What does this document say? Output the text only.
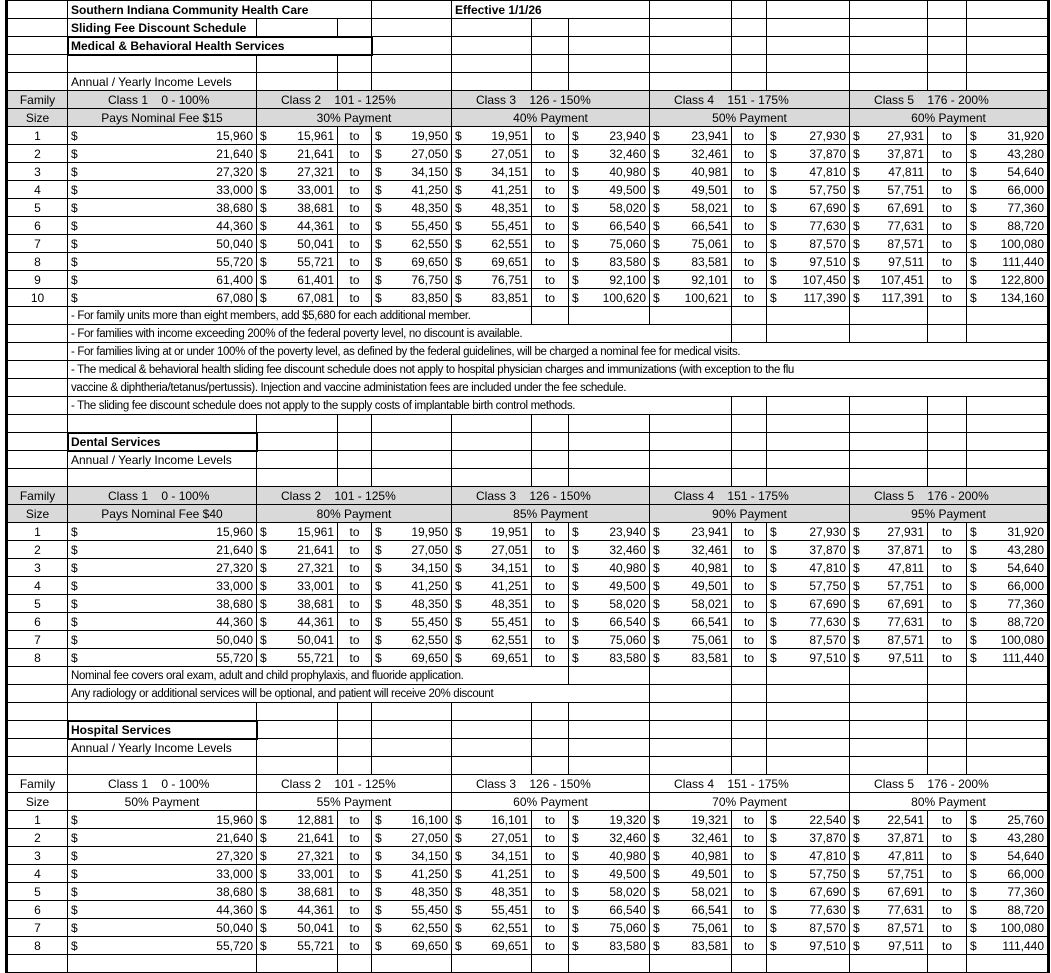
	Southern Indiana Community Health Care				Effective 1/1/26								
	Sliding Fee Discount Schedule												
	Medical & Behavioral Health Services												

	Annual / Yearly Income Levels												
Family	Class 1 0 - 100%	Class 2 101 - 125%			Class 3 126 - 150%			Class 4 151 - 175%			Class 5 176 - 200%		
Size	Pays Nominal Fee $15	30% Payment			40% Payment			50% Payment			60% Payment		
1	$ 15,960	$ 15,961	to	$ 19,950	$ 19,951	to	$ 23,940	$ 23,941	to	$ 27,930	$ 27,931	to	$ 31,920

2	$ 21,640	$ 21,641	to	$ 27,050	$ 27,051	to	$ 32,460	$ 32,461	to	$ 37,870	$ 37,871	to	$ 43,280

3	$ 27,320	$ 27,321	to	$ 34,150	$ 34,151	to	$ 40,980	$ 40,981	to	$ 47,810	$ 47,811	to	$ 54,640

4	$ 33,000	$ 33,001	to	$ 41,250	$ 41,251	to	$ 49,500	$ 49,501	to	$ 57,750	$ 57,751	to	$ 66,000

5	$ 38,680	$ 38,681	to	$ 48,350	$ 48,351	to	$ 58,020	$ 58,021	to	$ 67,690	$ 67,691	to	$ 77,360

6	$ 44,360	$ 44,361	to	$ 55,450	$ 55,451	to	$ 66,540	$ 66,541	to	$ 77,630	$ 77,631	to	$ 88,720

7	$ 50,040	$ 50,041	to	$ 62,550	$ 62,551	to	$ 75,060	$ 75,061	to	$ 87,570	$ 87,571	to	$ 100,080

8	$ 55,720	$ 55,721	to	$ 69,650	$ 69,651	to	$ 83,580	$ 83,581	to	$ 97,510	$ 97,511	to	$ 111,440

9	$ 61,400	$ 61,401	to	$ 76,750	$ 76,751	to	$ 92,100	$ 92,101	to	$ 107,450	$ 107,451	to	$ 122,800

10	$ 67,080	$ 67,081	to	$ 83,850	$ 83,851	to	$ 100,620	$ 100,621	to	$ 117,390	$ 117,391	to	$ 134,160

	- For family units more than eight members, add $5,680 for each additional member.												
	- For families with income exceeding 200% of the federal poverty level, no discount is available.												
	- For families living at or under 100% of the poverty level, as defined by the federal guidelines, will be charged a nominal fee for medical visits.												
	- The medical & behavioral health sliding fee discount schedule does not apply to hospital physician charges and immunizations (with exception to the flu												
	vaccine & diphtheria/tetanus/pertussis). Injection and vaccine administation fees are included under the fee schedule.												
	- The sliding fee discount schedule does not apply to the supply costs of implantable birth control methods.												

	Dental Services												
	Annual / Yearly Income Levels												

Family	Class 1 0 - 100%	Class 2 101 - 125%			Class 3 126 - 150%			Class 4 151 - 175%			Class 5 176 - 200%		
Size	Pays Nominal Fee $40	80% Payment			85% Payment			90% Payment			95% Payment		
1	$ 15,960	$ 15,961	to	$ 19,950	$ 19,951	to	$ 23,940	$ 23,941	to	$ 27,930	$ 27,931	to	$ 31,920

2	$ 21,640	$ 21,641	to	$ 27,050	$ 27,051	to	$ 32,460	$ 32,461	to	$ 37,870	$ 37,871	to	$ 43,280

3	$ 27,320	$ 27,321	to	$ 34,150	$ 34,151	to	$ 40,980	$ 40,981	to	$ 47,810	$ 47,811	to	$ 54,640

4	$ 33,000	$ 33,001	to	$ 41,250	$ 41,251	to	$ 49,500	$ 49,501	to	$ 57,750	$ 57,751	to	$ 66,000

5	$ 38,680	$ 38,681	to	$ 48,350	$ 48,351	to	$ 58,020	$ 58,021	to	$ 67,690	$ 67,691	to	$ 77,360

6	$ 44,360	$ 44,361	to	$ 55,450	$ 55,451	to	$ 66,540	$ 66,541	to	$ 77,630	$ 77,631	to	$ 88,720

7	$ 50,040	$ 50,041	to	$ 62,550	$ 62,551	to	$ 75,060	$ 75,061	to	$ 87,570	$ 87,571	to	$ 100,080

8	$ 55,720	$ 55,721	to	$ 69,650	$ 69,651	to	$ 83,580	$ 83,581	to	$ 97,510	$ 97,511	to	$ 111,440

	Nominal fee covers oral exam, adult and child prophylaxis, and fluoride application.												
	Any radiology or additional services will be optional, and patient will receive 20% discount												

	Hospital Services												
	Annual / Yearly Income Levels												

Family	Class 1 0 - 100%	Class 2 101 - 125%			Class 3 126 - 150%			Class 4 151 - 175%			Class 5 176 - 200%		
Size	50% Payment	55% Payment			60% Payment			70% Payment			80% Payment		
1	$ 15,960	$ 12,881	to	$ 16,100	$ 16,101	to	$ 19,320	$ 19,321	to	$ 22,540	$ 22,541	to	$ 25,760

2	$ 21,640	$ 21,641	to	$ 27,050	$ 27,051	to	$ 32,460	$ 32,461	to	$ 37,870	$ 37,871	to	$ 43,280

3	$ 27,320	$ 27,321	to	$ 34,150	$ 34,151	to	$ 40,980	$ 40,981	to	$ 47,810	$ 47,811	to	$ 54,640

4	$ 33,000	$ 33,001	to	$ 41,250	$ 41,251	to	$ 49,500	$ 49,501	to	$ 57,750	$ 57,751	to	$ 66,000

5	$ 38,680	$ 38,681	to	$ 48,350	$ 48,351	to	$ 58,020	$ 58,021	to	$ 67,690	$ 67,691	to	$ 77,360

6	$ 44,360	$ 44,361	to	$ 55,450	$ 55,451	to	$ 66,540	$ 66,541	to	$ 77,630	$ 77,631	to	$ 88,720

7	$ 50,040	$ 50,041	to	$ 62,550	$ 62,551	to	$ 75,060	$ 75,061	to	$ 87,570	$ 87,571	to	$ 100,080

8	$ 55,720	$ 55,721	to	$ 69,650	$ 69,651	to	$ 83,580	$ 83,581	to	$ 97,510	$ 97,511	to	$ 111,440
